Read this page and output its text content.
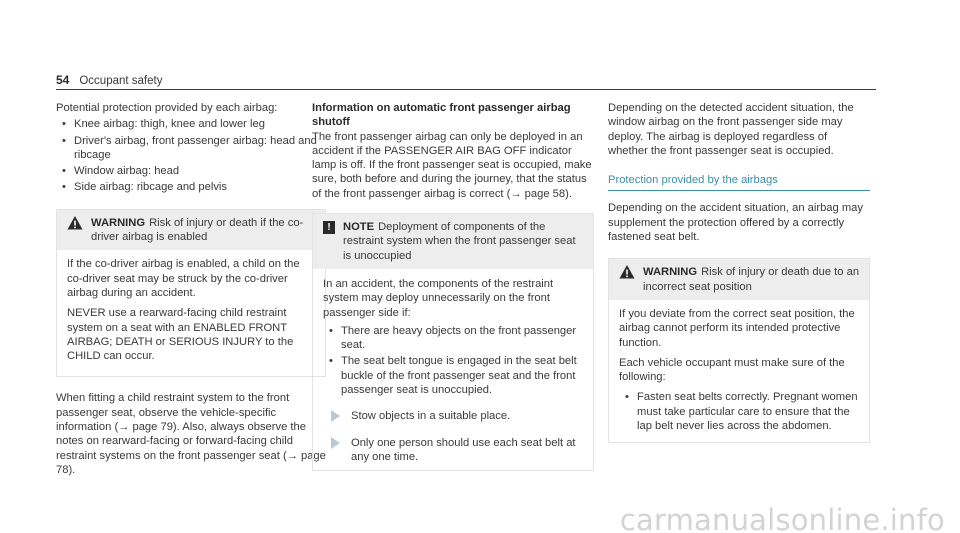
54 Occupant safety

Potential protection provided by each airbag:

• Knee airbag: thigh, knee and lower leg
• Driver's airbag, front passenger airbag: head and ribcage
• Window airbag: head
• Side airbag: ribcage and pelvis
WARNING Risk of injury or death if the co-driver airbag is enabled

If the co-driver airbag is enabled, a child on the co-driver seat may be struck by the co-driver airbag during an accident.

NEVER use a rearward-facing child restraint system on a seat with an ENABLED FRONT AIRBAG; DEATH or SERIOUS INJURY to the CHILD can occur.

When fitting a child restraint system to the front passenger seat, observe the vehicle-specific information (→ page 79). Also, always observe the notes on rearward-facing or forward-facing child restraint systems on the front passenger seat (→ page 78).

Information on automatic front passenger airbag shutoff

The front passenger airbag can only be deployed in an accident if the PASSENGER AIR BAG OFF indicator lamp is off. If the front passenger seat is occupied, make sure, both before and during the journey, that the status of the front passenger airbag is correct (→ page 58).

!	NOTE Deployment of components of the restraint system when the front passenger seat is unoccupied

In an accident, the components of the restraint system may deploy unnecessarily on the front passenger side if:

• There are heavy objects on the front passenger seat.
• The seat belt tongue is engaged in the seat belt buckle of the front passenger seat and the front passenger seat is unoccupied.
Stow objects in a suitable place.
Only one person should use each seat belt at any one time.

Depending on the detected accident situation, the window airbag on the front passenger side may deploy. The airbag is deployed regardless of whether the front passenger seat is occupied.

Protection provided by the airbags

Depending on the accident situation, an airbag may supplement the protection offered by a correctly fastened seat belt.

WARNING Risk of injury or death due to an incorrect seat position

If you deviate from the correct seat position, the airbag cannot perform its intended protective function.

Each vehicle occupant must make sure of the following:

• Fasten seat belts correctly. Pregnant women must take particular care to ensure that the lap belt never lies across the abdomen.
carmanualsonline.info
